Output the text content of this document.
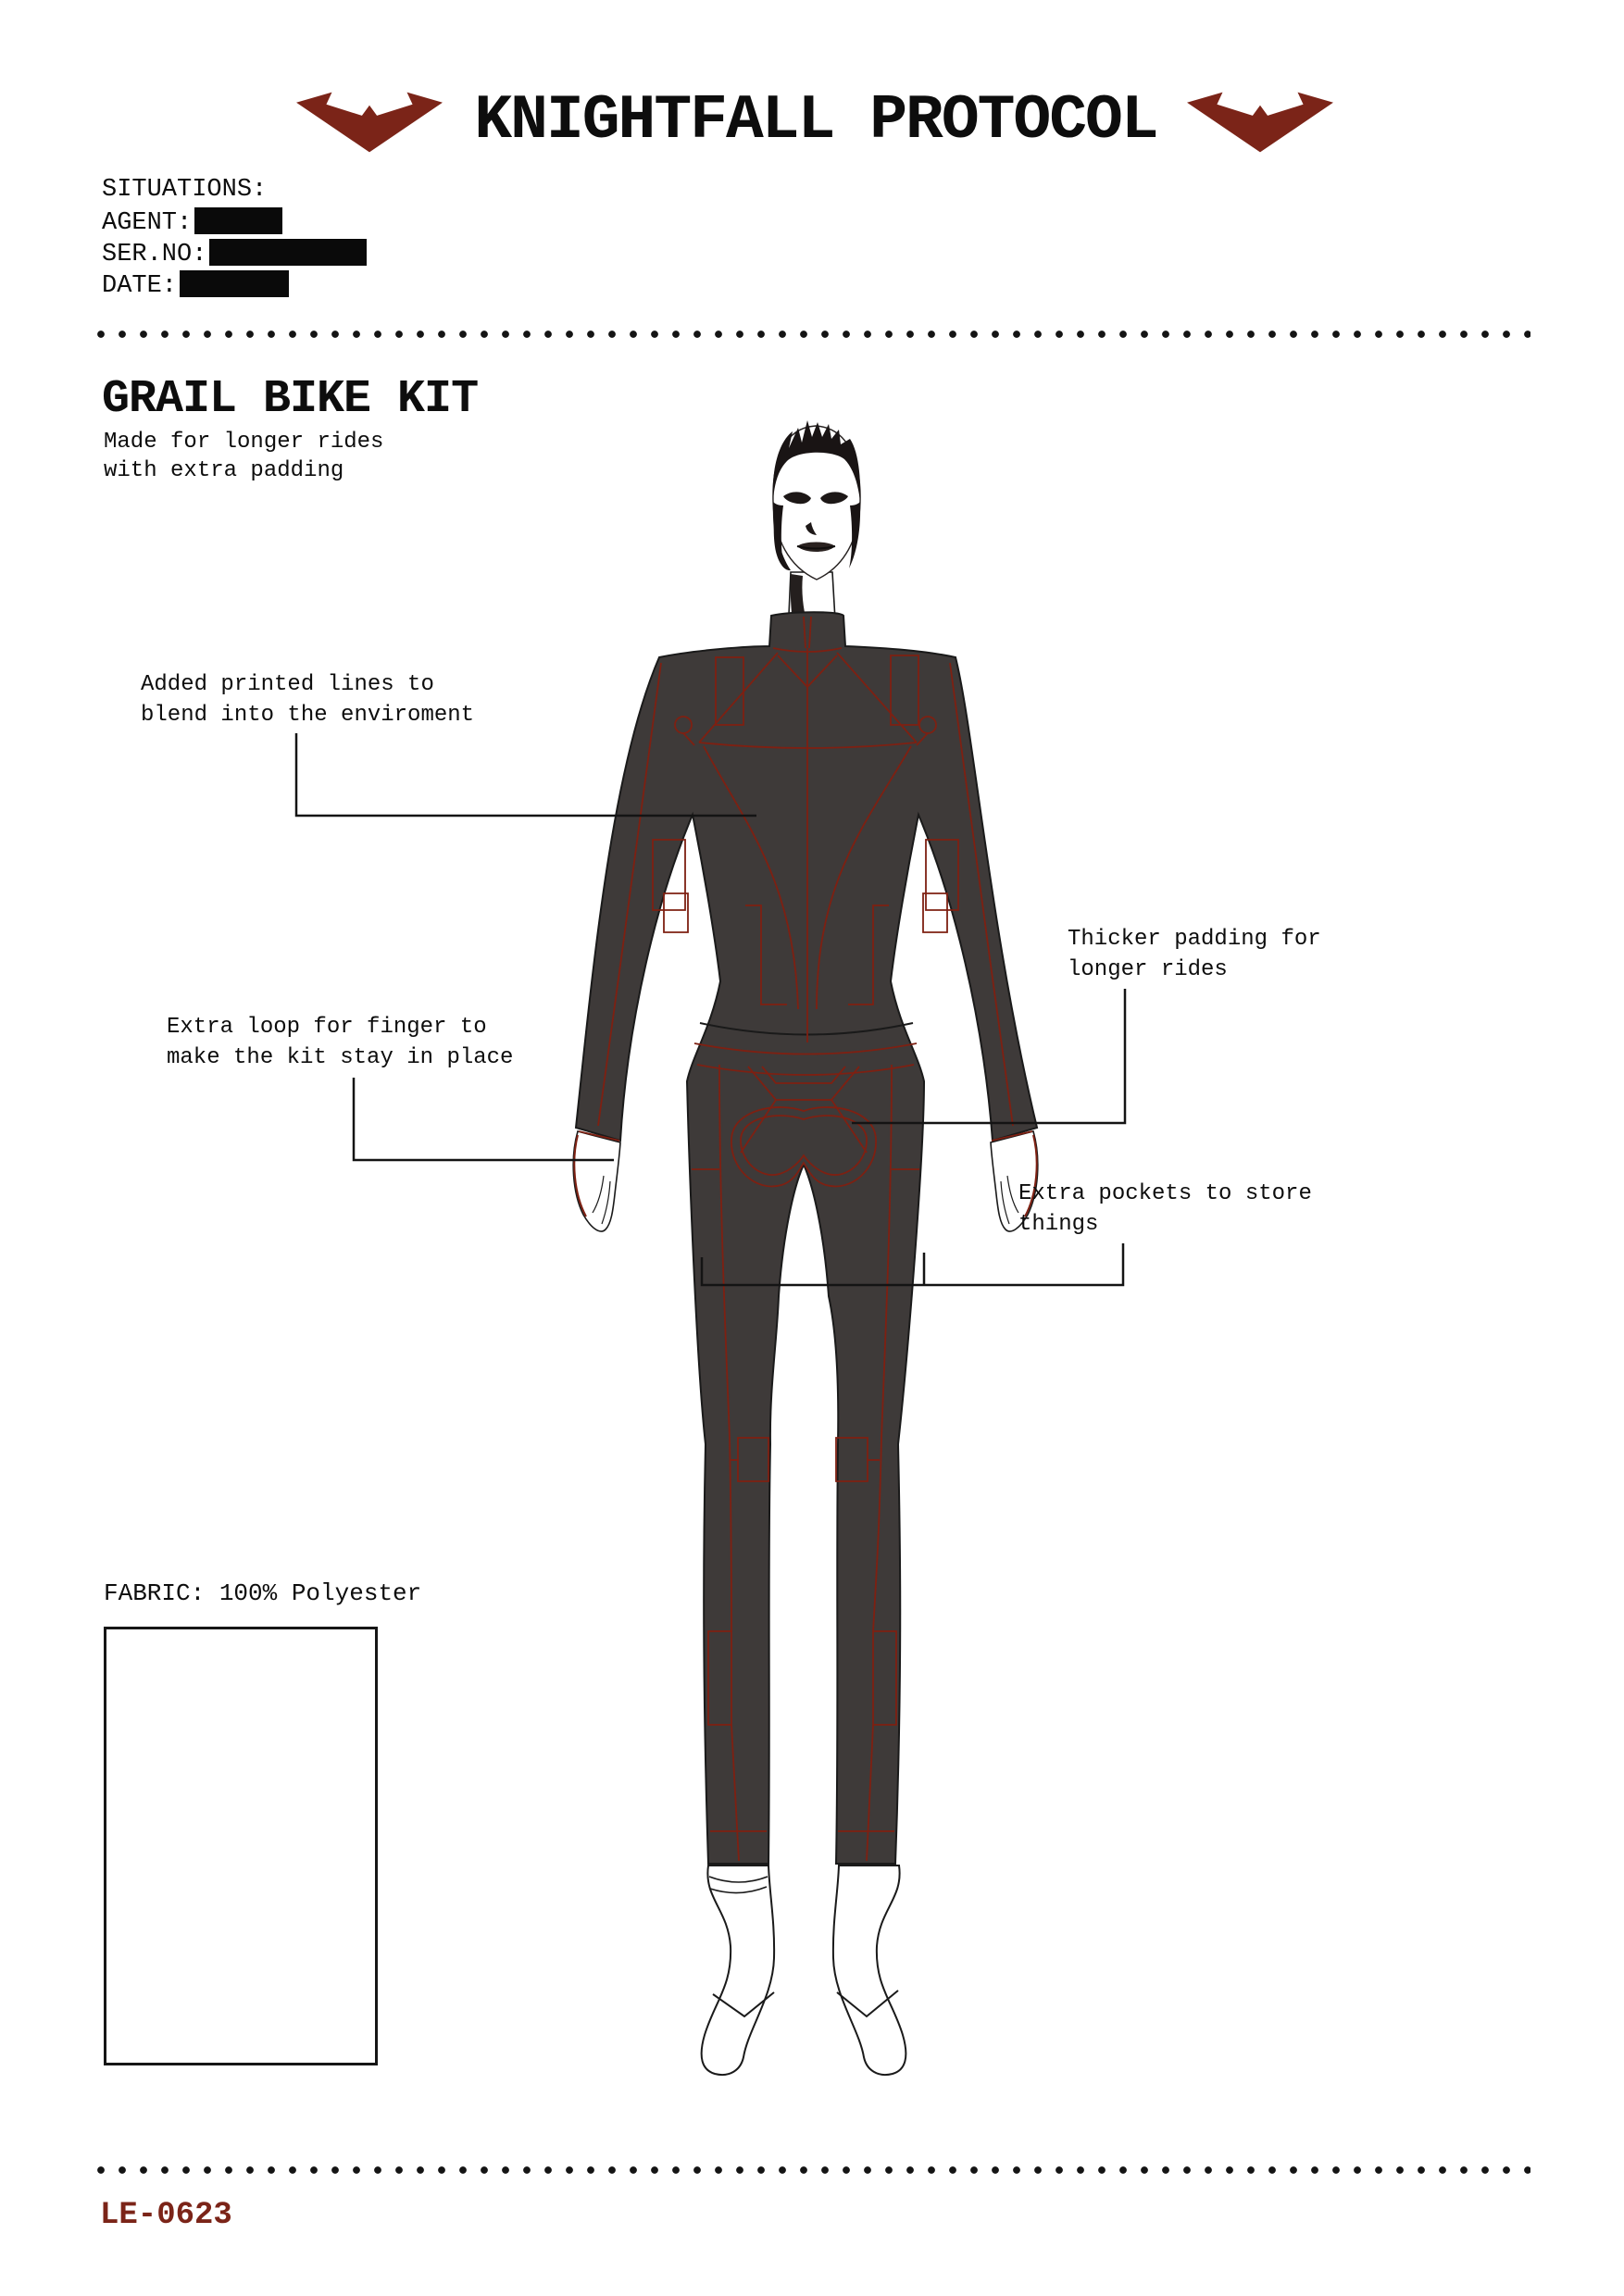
KNIGHTFALL PROTOCOL
SITUATIONS:
AGENT:
SER.NO:
DATE:
GRAIL BIKE KIT
Made for longer rides
with extra padding
Added printed lines to
blend into the enviroment
Thicker padding for
longer rides
Extra loop for finger to
make the kit stay in place
Extra pockets to store
things
FABRIC: 100% Polyester
LE-0623
